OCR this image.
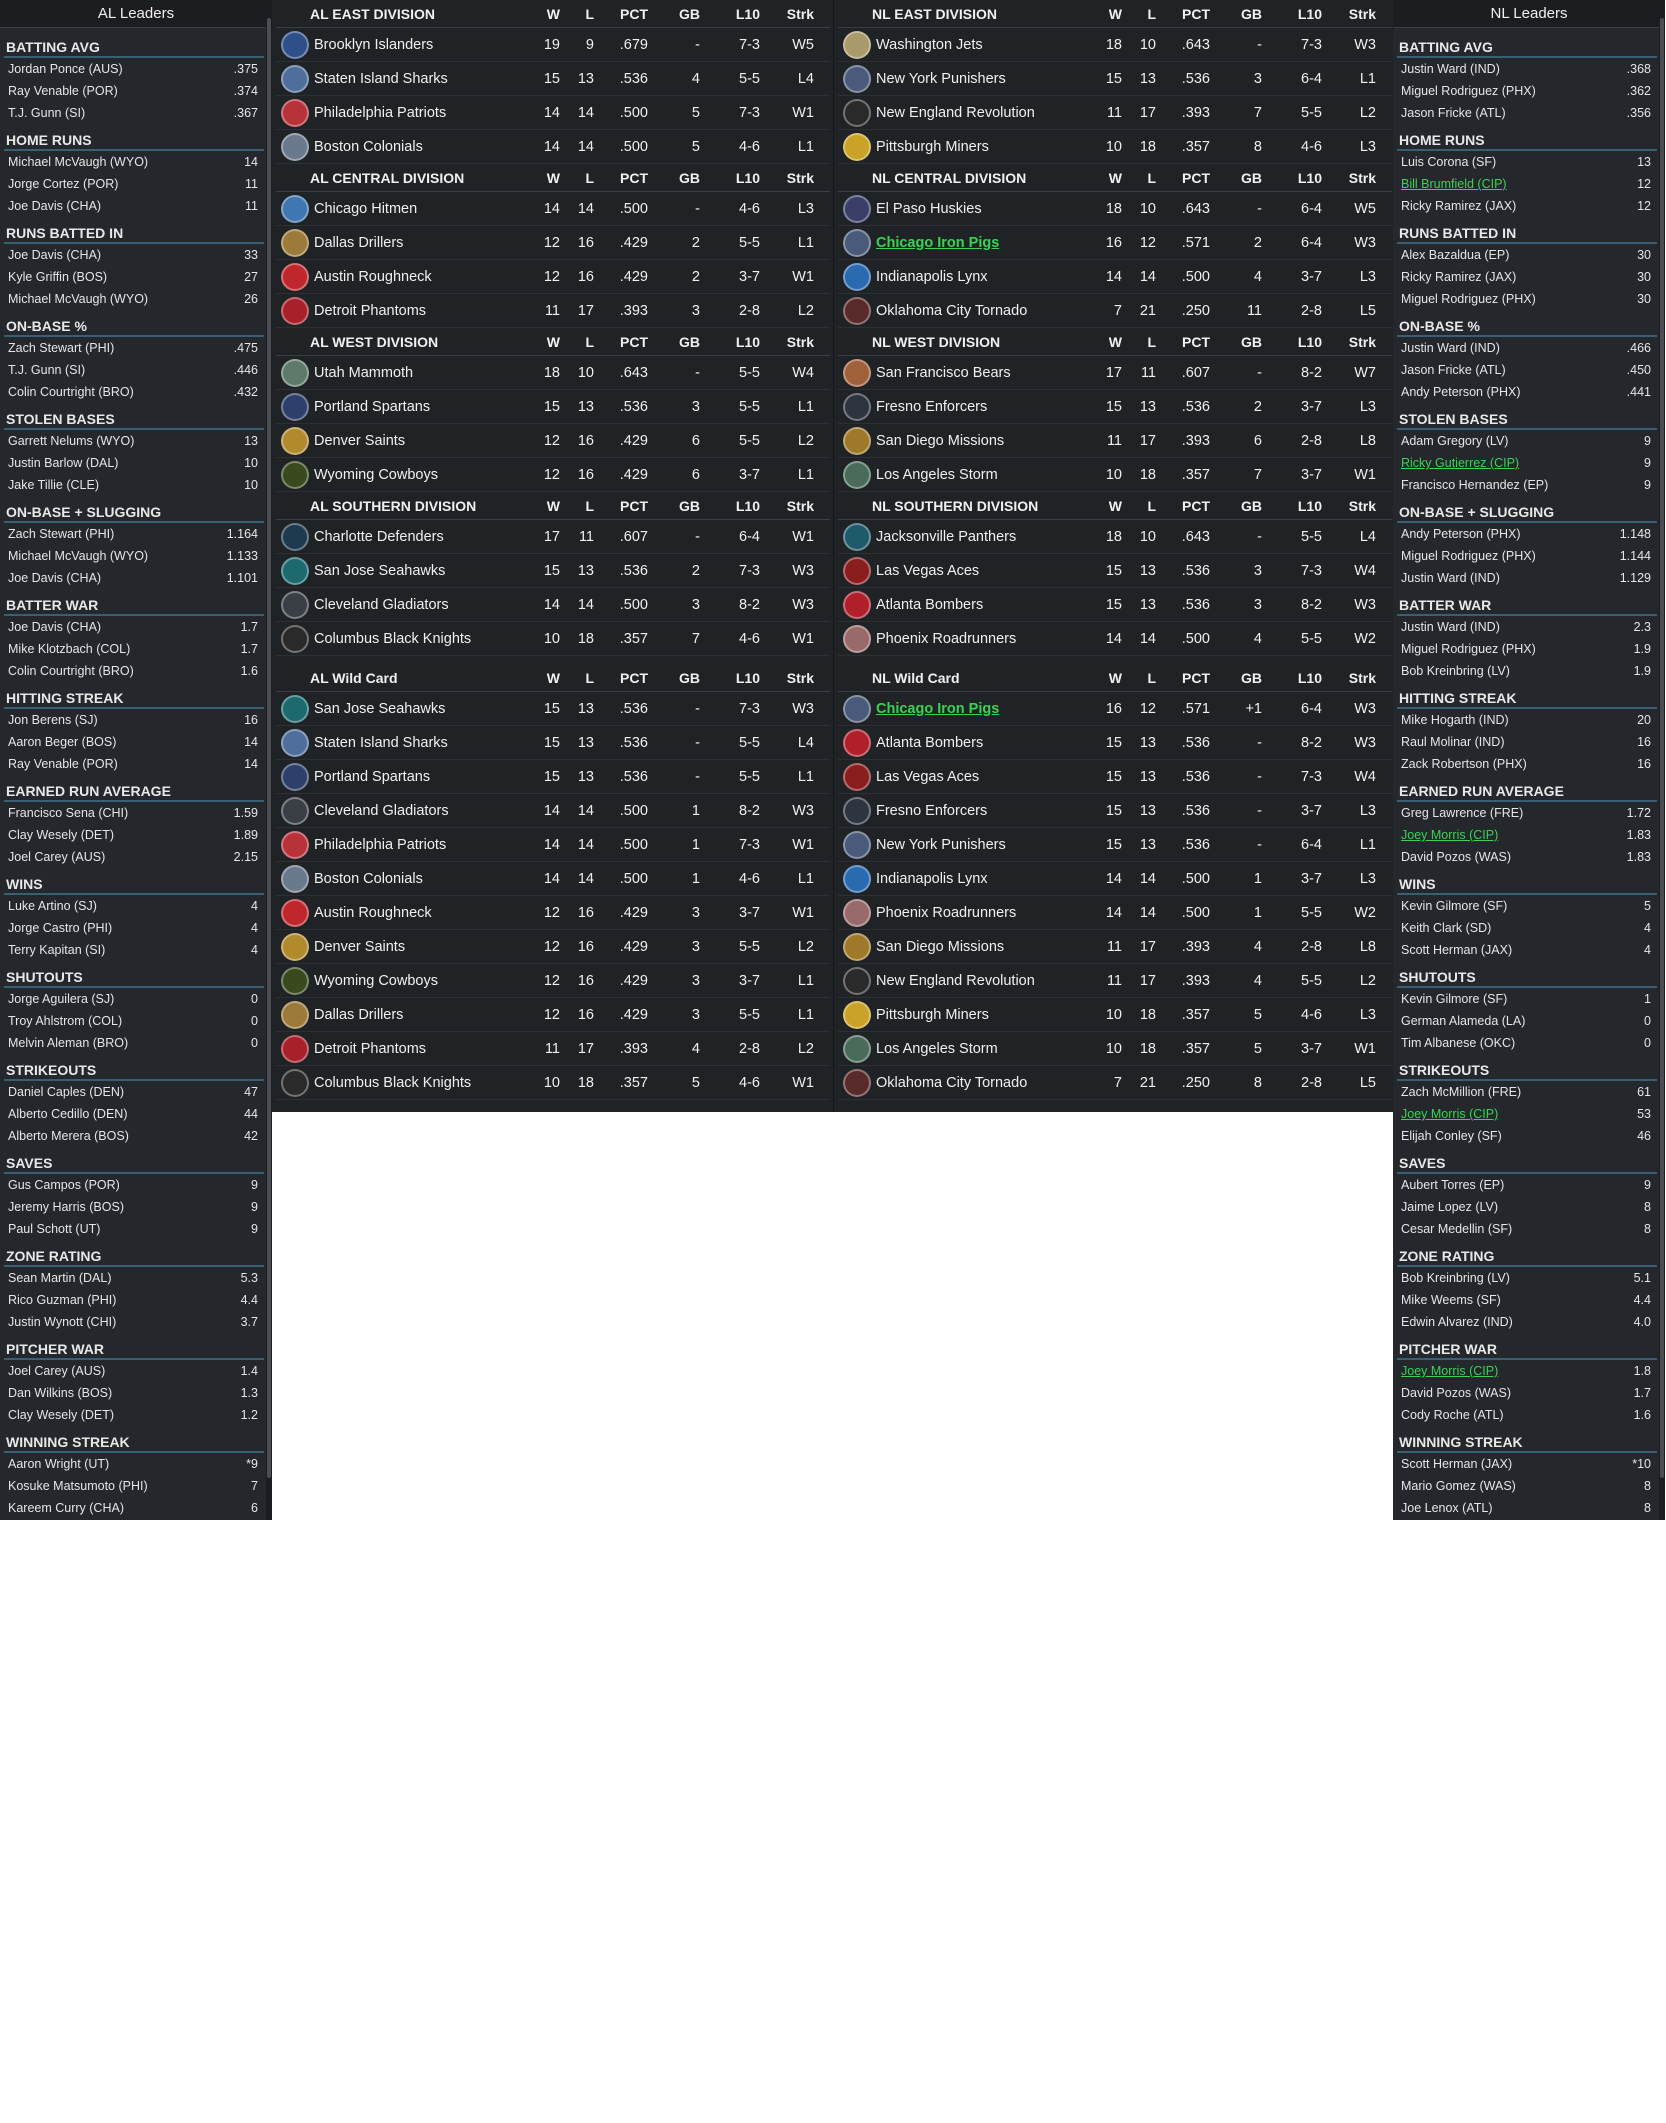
AL Leaders
BATTING AVG
Jordan Ponce (AUS)	.375
Ray Venable (POR)	.374
T.J. Gunn (SI)	.367
HOME RUNS
Michael McVaugh (WYO)	14
Jorge Cortez (POR)	11
Joe Davis (CHA)	11
RUNS BATTED IN
Joe Davis (CHA)	33
Kyle Griffin (BOS)	27
Michael McVaugh (WYO)	26
ON-BASE %
Zach Stewart (PHI)	.475
T.J. Gunn (SI)	.446
Colin Courtright (BRO)	.432
STOLEN BASES
Garrett Nelums (WYO)	13
Justin Barlow (DAL)	10
Jake Tillie (CLE)	10
ON-BASE + SLUGGING
Zach Stewart (PHI)	1.164
Michael McVaugh (WYO)	1.133
Joe Davis (CHA)	1.101
BATTER WAR
Joe Davis (CHA)	1.7
Mike Klotzbach (COL)	1.7
Colin Courtright (BRO)	1.6
HITTING STREAK
Jon Berens (SJ)	16
Aaron Beger (BOS)	14
Ray Venable (POR)	14
EARNED RUN AVERAGE
Francisco Sena (CHI)	1.59
Clay Wesely (DET)	1.89
Joel Carey (AUS)	2.15
WINS
Luke Artino (SJ)	4
Jorge Castro (PHI)	4
Terry Kapitan (SI)	4
SHUTOUTS
Jorge Aguilera (SJ)	0
Troy Ahlstrom (COL)	0
Melvin Aleman (BRO)	0
STRIKEOUTS
Daniel Caples (DEN)	47
Alberto Cedillo (DEN)	44
Alberto Merera (BOS)	42
SAVES
Gus Campos (POR)	9
Jeremy Harris (BOS)	9
Paul Schott (UT)	9
ZONE RATING
Sean Martin (DAL)	5.3
Rico Guzman (PHI)	4.4
Justin Wynott (CHI)	3.7
PITCHER WAR
Joel Carey (AUS)	1.4
Dan Wilkins (BOS)	1.3
Clay Wesely (DET)	1.2
WINNING STREAK
Aaron Wright (UT)	*9
Kosuke Matsumoto (PHI)	7
Kareem Curry (CHA)	6
AL EAST DIVISION	W	L	PCT	GB	L10	Strk
Brooklyn Islanders	19	9	.679	-	7-3	W5
Staten Island Sharks	15	13	.536	4	5-5	L4
Philadelphia Patriots	14	14	.500	5	7-3	W1
Boston Colonials	14	14	.500	5	4-6	L1
AL CENTRAL DIVISION	W	L	PCT	GB	L10	Strk
Chicago Hitmen	14	14	.500	-	4-6	L3
Dallas Drillers	12	16	.429	2	5-5	L1
Austin Roughneck	12	16	.429	2	3-7	W1
Detroit Phantoms	11	17	.393	3	2-8	L2
AL WEST DIVISION	W	L	PCT	GB	L10	Strk
Utah Mammoth	18	10	.643	-	5-5	W4
Portland Spartans	15	13	.536	3	5-5	L1
Denver Saints	12	16	.429	6	5-5	L2
Wyoming Cowboys	12	16	.429	6	3-7	L1
AL SOUTHERN DIVISION	W	L	PCT	GB	L10	Strk
Charlotte Defenders	17	11	.607	-	6-4	W1
San Jose Seahawks	15	13	.536	2	7-3	W3
Cleveland Gladiators	14	14	.500	3	8-2	W3
Columbus Black Knights	10	18	.357	7	4-6	W1
AL Wild Card	W	L	PCT	GB	L10	Strk
San Jose Seahawks	15	13	.536	-	7-3	W3
Staten Island Sharks	15	13	.536	-	5-5	L4
Portland Spartans	15	13	.536	-	5-5	L1
Cleveland Gladiators	14	14	.500	1	8-2	W3
Philadelphia Patriots	14	14	.500	1	7-3	W1
Boston Colonials	14	14	.500	1	4-6	L1
Austin Roughneck	12	16	.429	3	3-7	W1
Denver Saints	12	16	.429	3	5-5	L2
Wyoming Cowboys	12	16	.429	3	3-7	L1
Dallas Drillers	12	16	.429	3	5-5	L1
Detroit Phantoms	11	17	.393	4	2-8	L2
Columbus Black Knights	10	18	.357	5	4-6	W1
NL EAST DIVISION	W	L	PCT	GB	L10	Strk
Washington Jets	18	10	.643	-	7-3	W3
New York Punishers	15	13	.536	3	6-4	L1
New England Revolution	11	17	.393	7	5-5	L2
Pittsburgh Miners	10	18	.357	8	4-6	L3
NL CENTRAL DIVISION	W	L	PCT	GB	L10	Strk
El Paso Huskies	18	10	.643	-	6-4	W5
Chicago Iron Pigs	16	12	.571	2	6-4	W3
Indianapolis Lynx	14	14	.500	4	3-7	L3
Oklahoma City Tornado	7	21	.250	11	2-8	L5
NL WEST DIVISION	W	L	PCT	GB	L10	Strk
San Francisco Bears	17	11	.607	-	8-2	W7
Fresno Enforcers	15	13	.536	2	3-7	L3
San Diego Missions	11	17	.393	6	2-8	L8
Los Angeles Storm	10	18	.357	7	3-7	W1
NL SOUTHERN DIVISION	W	L	PCT	GB	L10	Strk
Jacksonville Panthers	18	10	.643	-	5-5	L4
Las Vegas Aces	15	13	.536	3	7-3	W4
Atlanta Bombers	15	13	.536	3	8-2	W3
Phoenix Roadrunners	14	14	.500	4	5-5	W2
NL Wild Card	W	L	PCT	GB	L10	Strk
Chicago Iron Pigs	16	12	.571	+1	6-4	W3
Atlanta Bombers	15	13	.536	-	8-2	W3
Las Vegas Aces	15	13	.536	-	7-3	W4
Fresno Enforcers	15	13	.536	-	3-7	L3
New York Punishers	15	13	.536	-	6-4	L1
Indianapolis Lynx	14	14	.500	1	3-7	L3
Phoenix Roadrunners	14	14	.500	1	5-5	W2
San Diego Missions	11	17	.393	4	2-8	L8
New England Revolution	11	17	.393	4	5-5	L2
Pittsburgh Miners	10	18	.357	5	4-6	L3
Los Angeles Storm	10	18	.357	5	3-7	W1
Oklahoma City Tornado	7	21	.250	8	2-8	L5
NL Leaders
BATTING AVG
Justin Ward (IND)	.368
Miguel Rodriguez (PHX)	.362
Jason Fricke (ATL)	.356
HOME RUNS
Luis Corona (SF)	13
Bill Brumfield (CIP)	12
Ricky Ramirez (JAX)	12
RUNS BATTED IN
Alex Bazaldua (EP)	30
Ricky Ramirez (JAX)	30
Miguel Rodriguez (PHX)	30
ON-BASE %
Justin Ward (IND)	.466
Jason Fricke (ATL)	.450
Andy Peterson (PHX)	.441
STOLEN BASES
Adam Gregory (LV)	9
Ricky Gutierrez (CIP)	9
Francisco Hernandez (EP)	9
ON-BASE + SLUGGING
Andy Peterson (PHX)	1.148
Miguel Rodriguez (PHX)	1.144
Justin Ward (IND)	1.129
BATTER WAR
Justin Ward (IND)	2.3
Miguel Rodriguez (PHX)	1.9
Bob Kreinbring (LV)	1.9
HITTING STREAK
Mike Hogarth (IND)	20
Raul Molinar (IND)	16
Zack Robertson (PHX)	16
EARNED RUN AVERAGE
Greg Lawrence (FRE)	1.72
Joey Morris (CIP)	1.83
David Pozos (WAS)	1.83
WINS
Kevin Gilmore (SF)	5
Keith Clark (SD)	4
Scott Herman (JAX)	4
SHUTOUTS
Kevin Gilmore (SF)	1
German Alameda (LA)	0
Tim Albanese (OKC)	0
STRIKEOUTS
Zach McMillion (FRE)	61
Joey Morris (CIP)	53
Elijah Conley (SF)	46
SAVES
Aubert Torres (EP)	9
Jaime Lopez (LV)	8
Cesar Medellin (SF)	8
ZONE RATING
Bob Kreinbring (LV)	5.1
Mike Weems (SF)	4.4
Edwin Alvarez (IND)	4.0
PITCHER WAR
Joey Morris (CIP)	1.8
David Pozos (WAS)	1.7
Cody Roche (ATL)	1.6
WINNING STREAK
Scott Herman (JAX)	*10
Mario Gomez (WAS)	8
Joe Lenox (ATL)	8
